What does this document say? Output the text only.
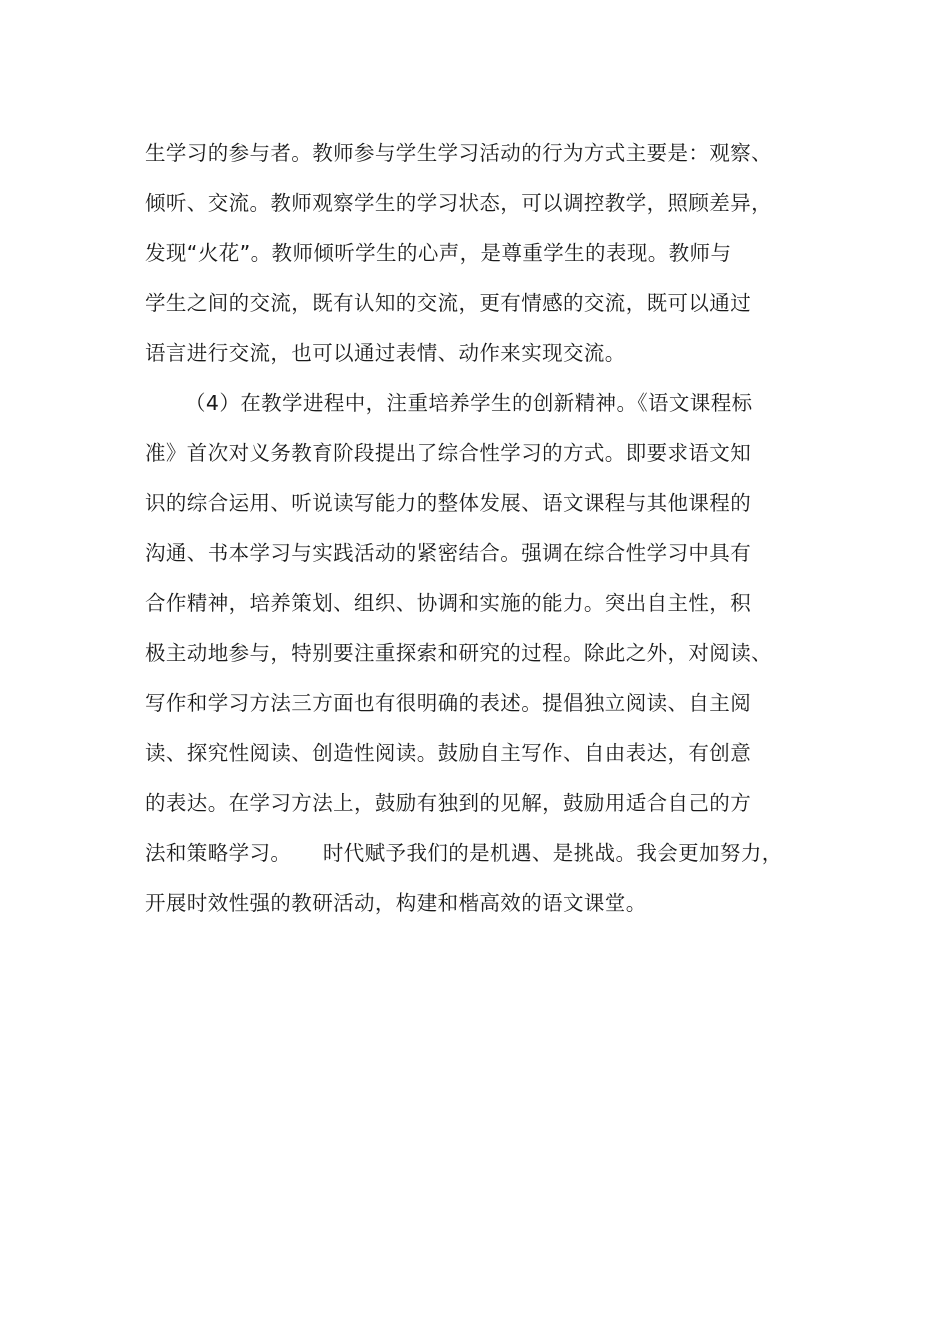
生学习的参与者。教师参与学生学习活动的行为方式主要是：观察、
倾听、交流。教师观察学生的学习状态，可以调控教学，照顾差异，
发现“火花”。教师倾听学生的心声，是尊重学生的表现。教师与
学生之间的交流，既有认知的交流，更有情感的交流，既可以通过
语言进行交流，也可以通过表情、动作来实现交流。
（4）在教学进程中，注重培养学生的创新精神。《语文课程标
准》首次对义务教育阶段提出了综合性学习的方式。即要求语文知
识的综合运用、听说读写能力的整体发展、语文课程与其他课程的
沟通、书本学习与实践活动的紧密结合。强调在综合性学习中具有
合作精神，培养策划、组织、协调和实施的能力。突出自主性，积
极主动地参与，特别要注重探索和研究的过程。除此之外，对阅读、
写作和学习方法三方面也有很明确的表述。提倡独立阅读、自主阅
读、探究性阅读、创造性阅读。鼓励自主写作、自由表达，有创意
的表达。在学习方法上，鼓励有独到的见解，鼓励用适合自己的方
法和策略学习。　　时代赋予我们的是机遇、是挑战。我会更加努力，
开展时效性强的教研活动，构建和楷高效的语文课堂。
